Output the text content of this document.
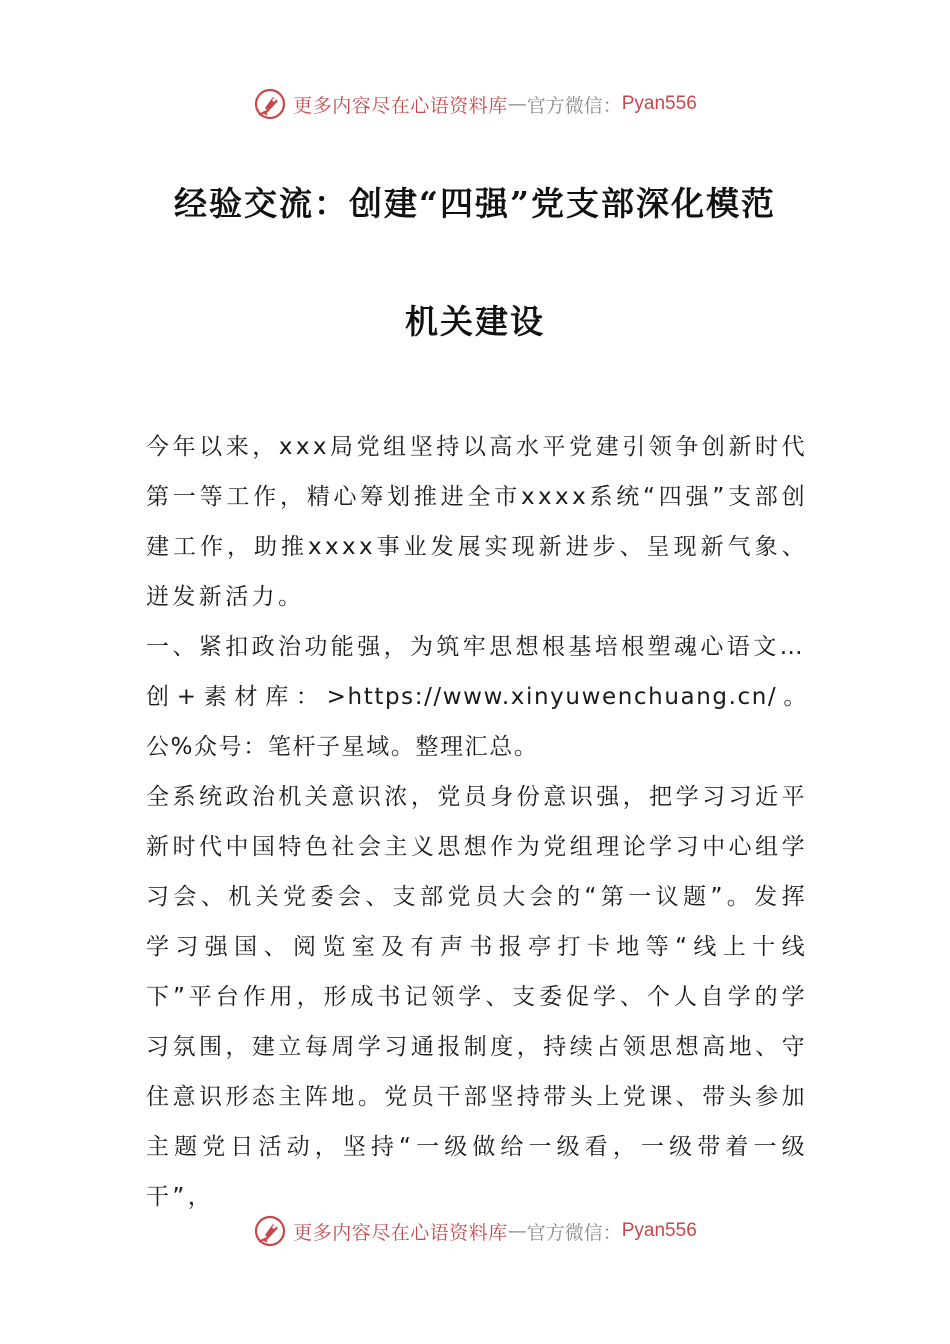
更多内容尽在心语资料库 — 官方微信： Pyan556
经验交流：创建“四强”党支部深化模范
机关建设

今年以来，xxx局党组坚持以高水平党建引领争创新时代第一等工作，精心筹划推进全市xxxx系统“四强”支部创建工作，助推xxxx事业发展实现新进步、呈现新气象、迸发新活力。

一、紧扣政治功能强，为筑牢思想根基培根塑魂心语文…

创+素材库：>https://www.xinyuwenchuang.cn/。公%众号：笔杆子星域。整理汇总。

全系统政治机关意识浓，党员身份意识强，把学习习近平新时代中国特色社会主义思想作为党组理论学习中心组学习会、机关党委会、支部党员大会的“第一议题”。发挥学习强国、阅览室及有声书报亭打卡地等“线上十线下”平台作用，形成书记领学、支委促学、个人自学的学习氛围，建立每周学习通报制度，持续占领思想高地、守住意识形态主阵地。党员干部坚持带头上党课、带头参加主题党日活动，坚持“一级做给一级看，一级带着一级干”，

更多内容尽在心语资料库 — 官方微信： Pyan556
